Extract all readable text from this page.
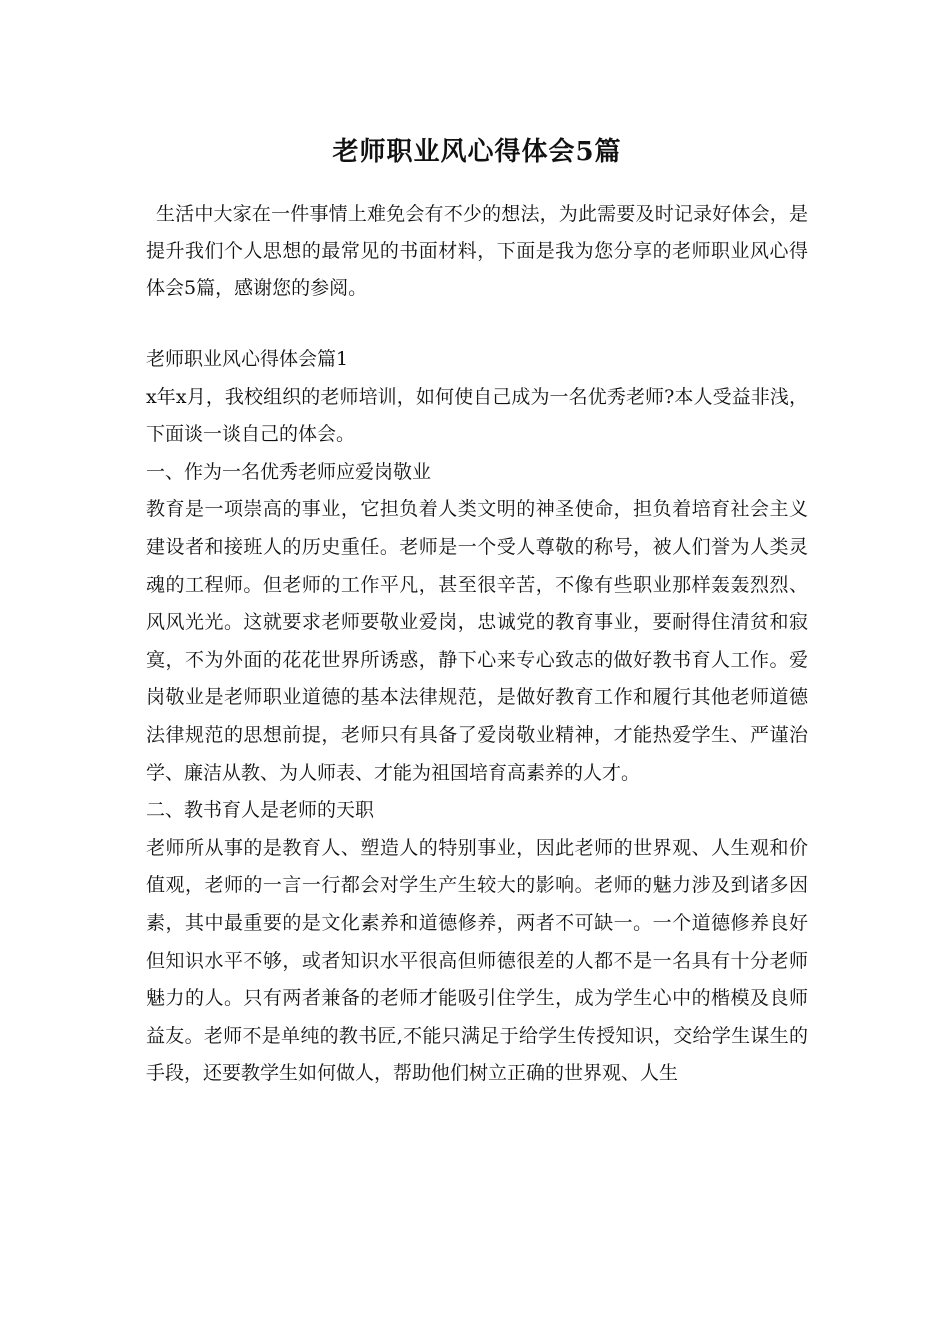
老师职业风心得体会5篇

生活中大家在一件事情上难免会有不少的想法，为此需要及时记录好体会，是提升我们个人思想的最常见的书面材料，下面是我为您分享的老师职业风心得体会5篇，感谢您的参阅。

老师职业风心得体会篇1

x年x月，我校组织的老师培训，如何使自己成为一名优秀老师?本人受益非浅，下面谈一谈自己的体会。

一、作为一名优秀老师应爱岗敬业

教育是一项崇高的事业，它担负着人类文明的神圣使命，担负着培育社会主义建设者和接班人的历史重任。老师是一个受人尊敬的称号，被人们誉为人类灵魂的工程师。但老师的工作平凡，甚至很辛苦，不像有些职业那样轰轰烈烈、风风光光。这就要求老师要敬业爱岗，忠诚党的教育事业，要耐得住清贫和寂寞，不为外面的花花世界所诱惑，静下心来专心致志的做好教书育人工作。爱岗敬业是老师职业道德的基本法律规范，是做好教育工作和履行其他老师道德法律规范的思想前提，老师只有具备了爱岗敬业精神，才能热爱学生、严谨治学、廉洁从教、为人师表、才能为祖国培育高素养的人才。

二、教书育人是老师的天职

老师所从事的是教育人、塑造人的特别事业，因此老师的世界观、人生观和价值观，老师的一言一行都会对学生产生较大的影响。老师的魅力涉及到诸多因素，其中最重要的是文化素养和道德修养，两者不可缺一。一个道德修养良好但知识水平不够，或者知识水平很高但师德很差的人都不是一名具有十分老师魅力的人。只有两者兼备的老师才能吸引住学生，成为学生心中的楷模及良师益友。老师不是单纯的教书匠,不能只满足于给学生传授知识，交给学生谋生的手段，还要教学生如何做人，帮助他们树立正确的世界观、人生
